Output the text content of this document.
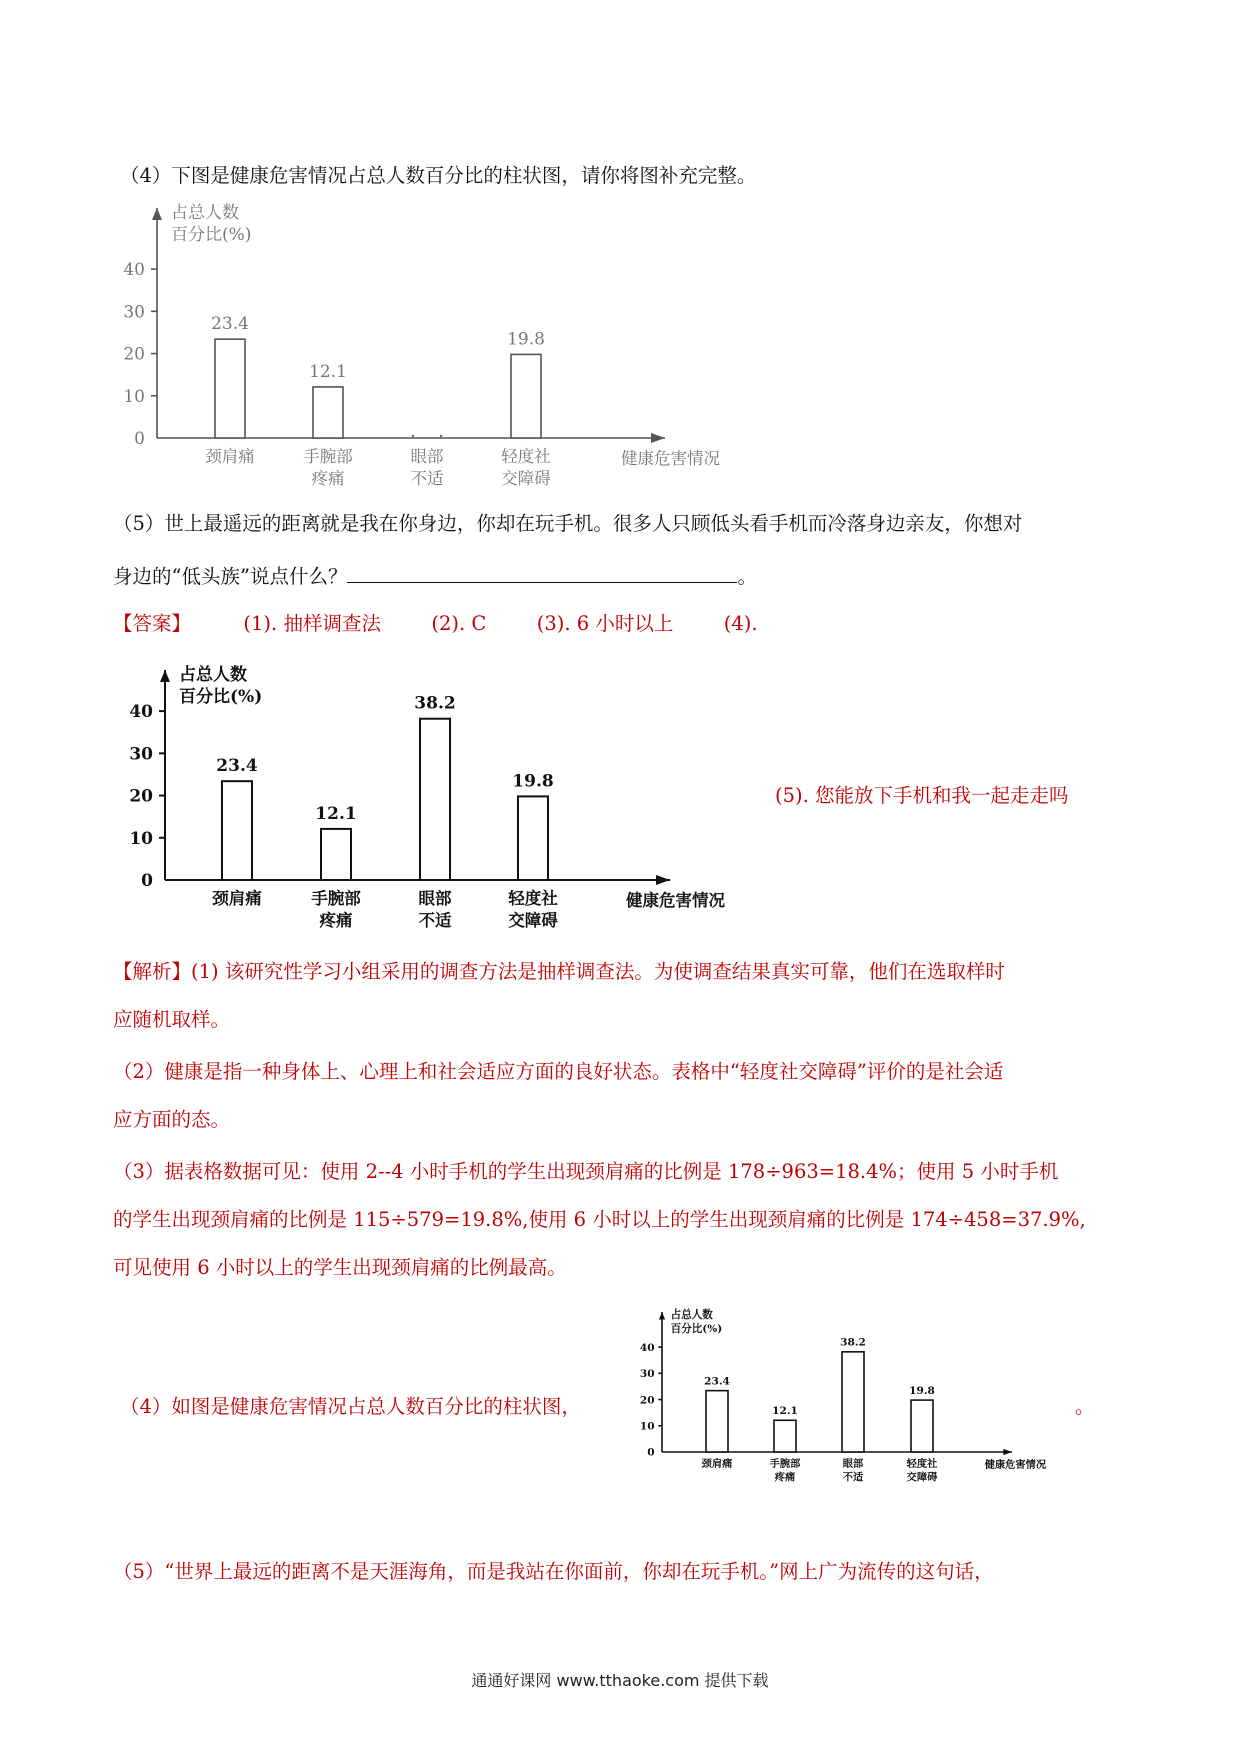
（4）下图是健康危害情况占总人数百分比的柱状图，请你将图补充完整。
占总人数
百分比(%)
0
10
20
30
40
23.4
颈肩痛
12.1
手腕部
疼痛
眼部
不适
19.8
轻度社
交障碍
健康危害情况
（5）世上最遥远的距离就是我在你身边，你却在玩手机。很多人只顾低头看手机而冷落身边亲友，你想对
身边的“低头族”说点什么？	。
【答案】	(1). 抽样调查法	(2). C	(3). 6 小时以上	(4).
占总人数
百分比(%)
0
10
20
30
40
23.4
颈肩痛
12.1
手腕部
疼痛
38.2
眼部
不适
19.8
轻度社
交障碍
健康危害情况
(5). 您能放下手机和我一起走走吗
【解析】(1) 该研究性学习小组采用的调查方法是抽样调查法。为使调查结果真实可靠，他们在选取样时
应随机取样。
（2）健康是指一种身体上、心理上和社会适应方面的良好状态。表格中“轻度社交障碍”评价的是社会适
应方面的态。
（3）据表格数据可见：使用 2--4 小时手机的学生出现颈肩痛的比例是 178÷963=18.4%；使用 5 小时手机
的学生出现颈肩痛的比例是 115÷579=19.8%,使用 6 小时以上的学生出现颈肩痛的比例是 174÷458=37.9%,
可见使用 6 小时以上的学生出现颈肩痛的比例最高。
（4）如图是健康危害情况占总人数百分比的柱状图，
占总人数
百分比(%)
0
10
20
30
40
23.4
颈肩痛
12.1
手腕部
疼痛
38.2
眼部
不适
19.8
轻度社
交障碍
健康危害情况
。
（5）“世界上最远的距离不是天涯海角，而是我站在你面前，你却在玩手机。”网上广为流传的这句话，
通通好课网 www.tthaoke.com 提供下载
